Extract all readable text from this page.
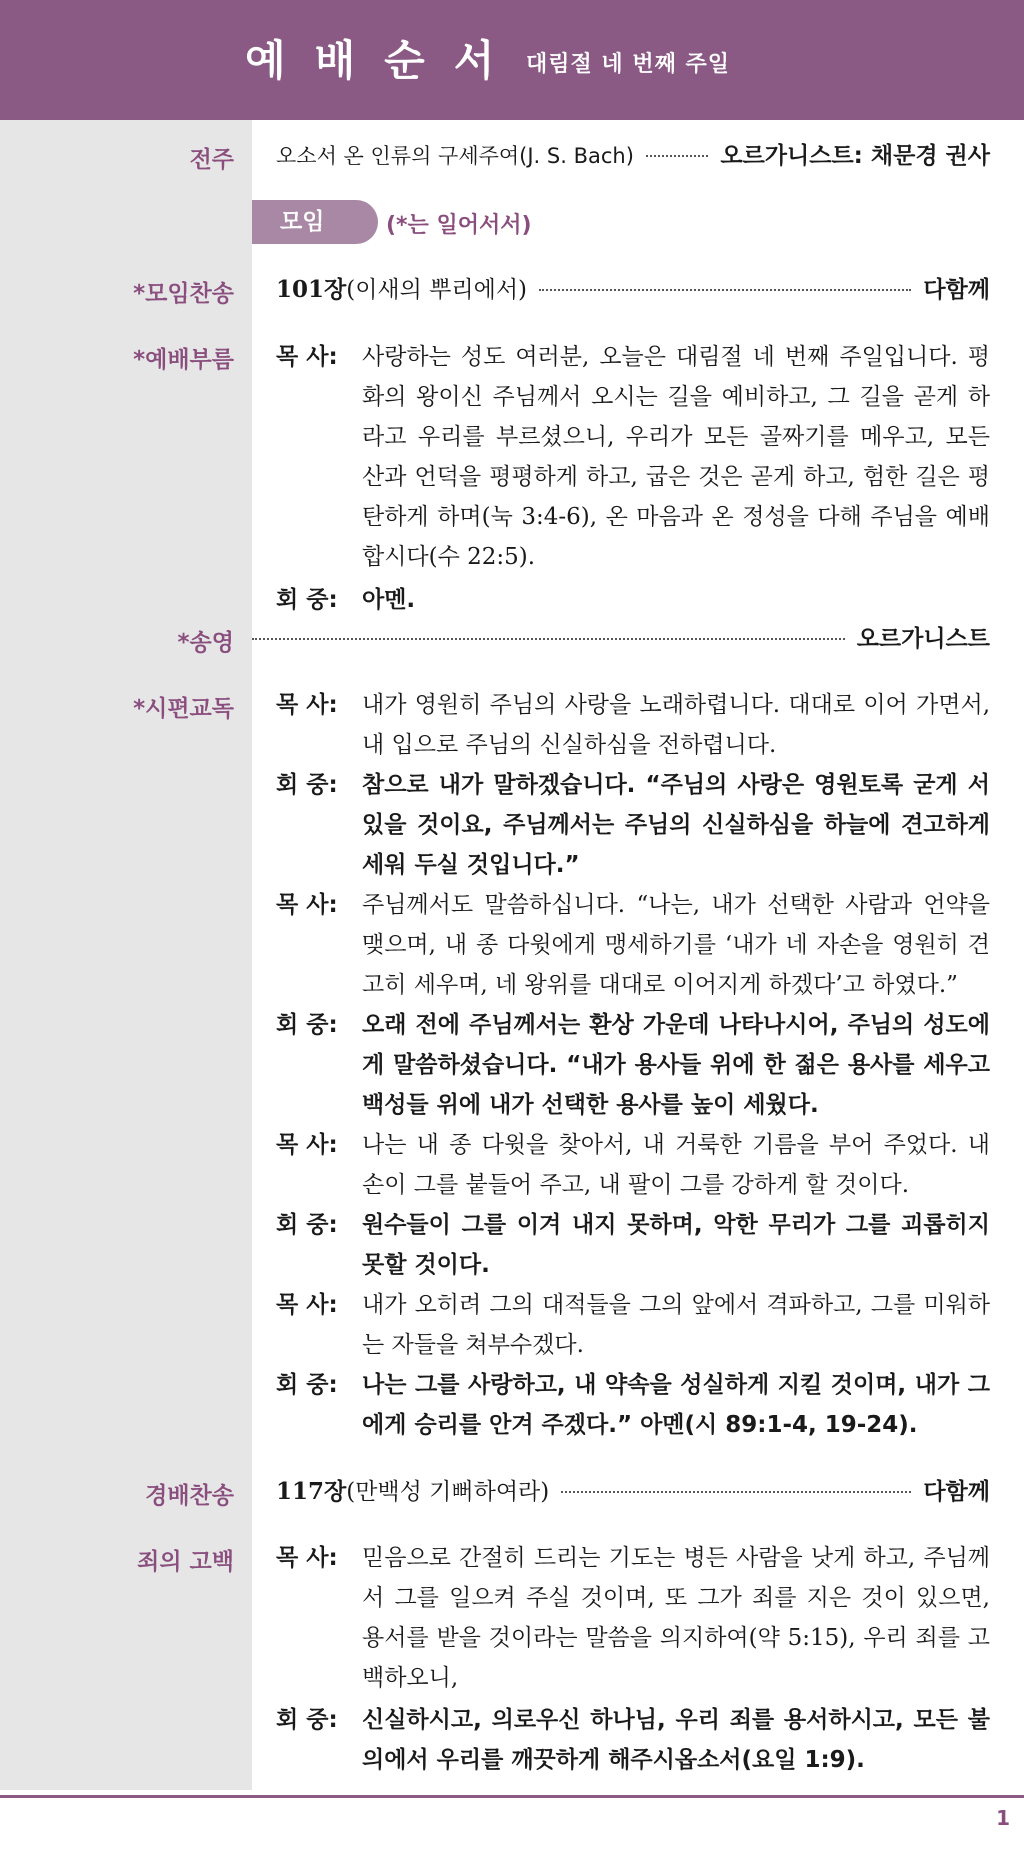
예배순서 대림절 네 번째 주일
전주 오소서 온 인류의 구세주여(J. S. Bach)	오르가니스트: 채문경 권사
모임	(*는 일어서서)
*모임찬송 101장(이새의 뿌리에서)	다함께
*예배부름 목 사:	사랑하는 성도 여러분, 오늘은 대림절 네 번째 주일입니다. 평화의 왕이신 주님께서 오시는 길을 예비하고, 그 길을 곧게 하라고 우리를 부르셨으니, 우리가 모든 골짜기를 메우고, 모든 산과 언덕을 평평하게 하고, 굽은 것은 곧게 하고, 험한 길은 평탄하게 하며(눅 3:4-6), 온 마음과 온 정성을 다해 주님을 예배합시다(수 22:5).
회 중:	아멘.
*송영	오르가니스트
*시편교독 목 사:	내가 영원히 주님의 사랑을 노래하렵니다. 대대로 이어 가면서, 내 입으로 주님의 신실하심을 전하렵니다.
회 중:	참으로 내가 말하겠습니다. “주님의 사랑은 영원토록 굳게 서 있을 것이요, 주님께서는 주님의 신실하심을 하늘에 견고하게 세워 두실 것입니다.”
목 사:	주님께서도 말씀하십니다. “나는, 내가 선택한 사람과 언약을 맺으며, 내 종 다윗에게 맹세하기를 ‘내가 네 자손을 영원히 견고히 세우며, 네 왕위를 대대로 이어지게 하겠다’고 하였다.”
회 중:	오래 전에 주님께서는 환상 가운데 나타나시어, 주님의 성도에게 말씀하셨습니다. “내가 용사들 위에 한 젊은 용사를 세우고 백성들 위에 내가 선택한 용사를 높이 세웠다.
목 사:	나는 내 종 다윗을 찾아서, 내 거룩한 기름을 부어 주었다. 내 손이 그를 붙들어 주고, 내 팔이 그를 강하게 할 것이다.
회 중:	원수들이 그를 이겨 내지 못하며, 악한 무리가 그를 괴롭히지 못할 것이다.
목 사:	내가 오히려 그의 대적들을 그의 앞에서 격파하고, 그를 미워하는 자들을 쳐부수겠다.
회 중:	나는 그를 사랑하고, 내 약속을 성실하게 지킬 것이며, 내가 그에게 승리를 안겨 주겠다.” 아멘(시 89:1-4, 19-24).
경배찬송 117장(만백성 기뻐하여라)	다함께
죄의 고백 목 사:	믿음으로 간절히 드리는 기도는 병든 사람을 낫게 하고, 주님께서 그를 일으켜 주실 것이며, 또 그가 죄를 지은 것이 있으면, 용서를 받을 것이라는 말씀을 의지하여(약 5:15), 우리 죄를 고백하오니,
회 중:	신실하시고, 의로우신 하나님, 우리 죄를 용서하시고, 모든 불의에서 우리를 깨끗하게 해주시옵소서(요일 1:9).
1
